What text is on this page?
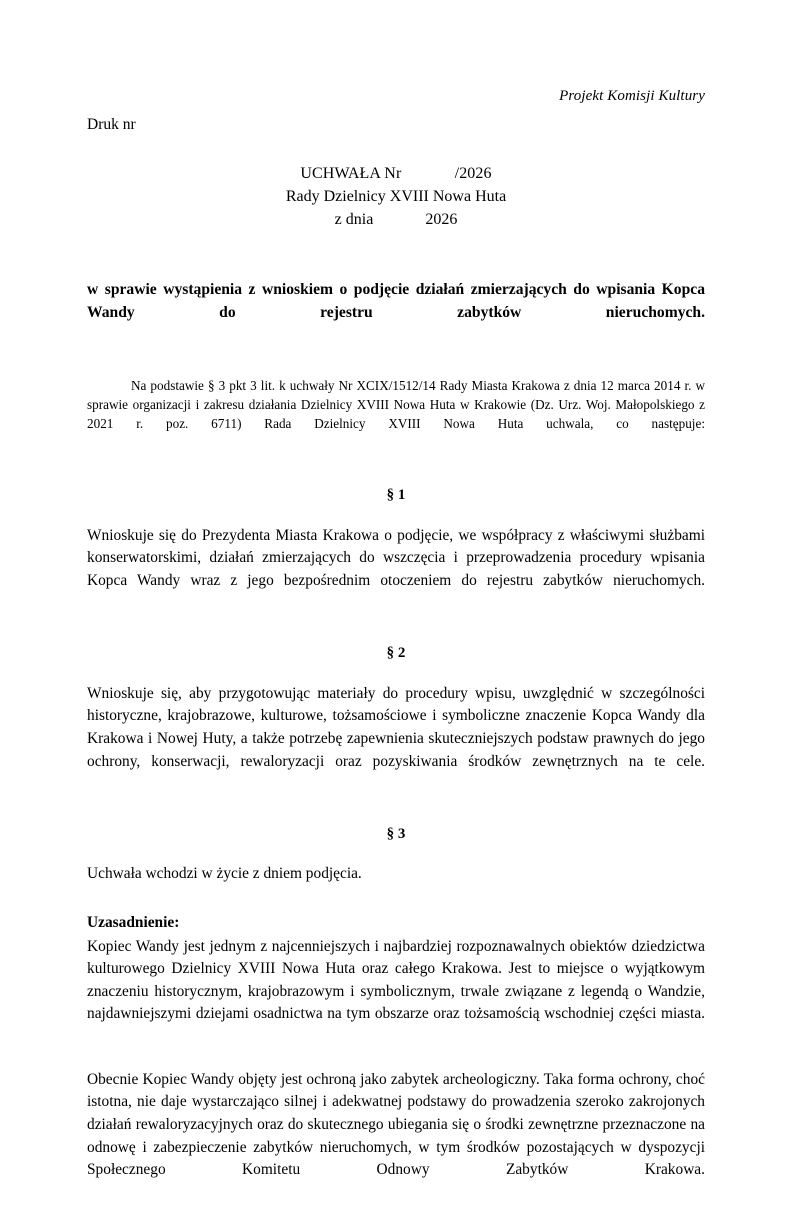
Projekt Komisji Kultury

Druk nr

UCHWAŁA Nr             /2026
Rady Dzielnicy XVIII Nowa Huta
z dnia             2026

w sprawie wystąpienia z wnioskiem o podjęcie działań zmierzających do wpisania Kopca Wandy do rejestru zabytków nieruchomych.

Na podstawie § 3 pkt 3 lit. k uchwały Nr XCIX/1512/14 Rady Miasta Krakowa z dnia 12 marca 2014 r. w sprawie organizacji i zakresu działania Dzielnicy XVIII Nowa Huta w Krakowie (Dz. Urz. Woj. Małopolskiego z 2021 r. poz. 6711) Rada Dzielnicy XVIII Nowa Huta uchwala, co następuje:

§ 1

Wnioskuje się do Prezydenta Miasta Krakowa o podjęcie, we współpracy z właściwymi służbami konserwatorskimi, działań zmierzających do wszczęcia i przeprowadzenia procedury wpisania Kopca Wandy wraz z jego bezpośrednim otoczeniem do rejestru zabytków nieruchomych.

§ 2

Wnioskuje się, aby przygotowując materiały do procedury wpisu, uwzględnić w szczególności historyczne, krajobrazowe, kulturowe, tożsamościowe i symboliczne znaczenie Kopca Wandy dla Krakowa i Nowej Huty, a także potrzebę zapewnienia skuteczniejszych podstaw prawnych do jego ochrony, konserwacji, rewaloryzacji oraz pozyskiwania środków zewnętrznych na te cele.

§ 3

Uchwała wchodzi w życie z dniem podjęcia.

Uzasadnienie:

Kopiec Wandy jest jednym z najcenniejszych i najbardziej rozpoznawalnych obiektów dziedzictwa kulturowego Dzielnicy XVIII Nowa Huta oraz całego Krakowa. Jest to miejsce o wyjątkowym znaczeniu historycznym, krajobrazowym i symbolicznym, trwale związane z legendą o Wandzie, najdawniejszymi dziejami osadnictwa na tym obszarze oraz tożsamością wschodniej części miasta.

Obecnie Kopiec Wandy objęty jest ochroną jako zabytek archeologiczny. Taka forma ochrony, choć istotna, nie daje wystarczająco silnej i adekwatnej podstawy do prowadzenia szeroko zakrojonych działań rewaloryzacyjnych oraz do skutecznego ubiegania się o środki zewnętrzne przeznaczone na odnowę i zabezpieczenie zabytków nieruchomych, w tym środków pozostających w dyspozycji Społecznego Komitetu Odnowy Zabytków Krakowa.
